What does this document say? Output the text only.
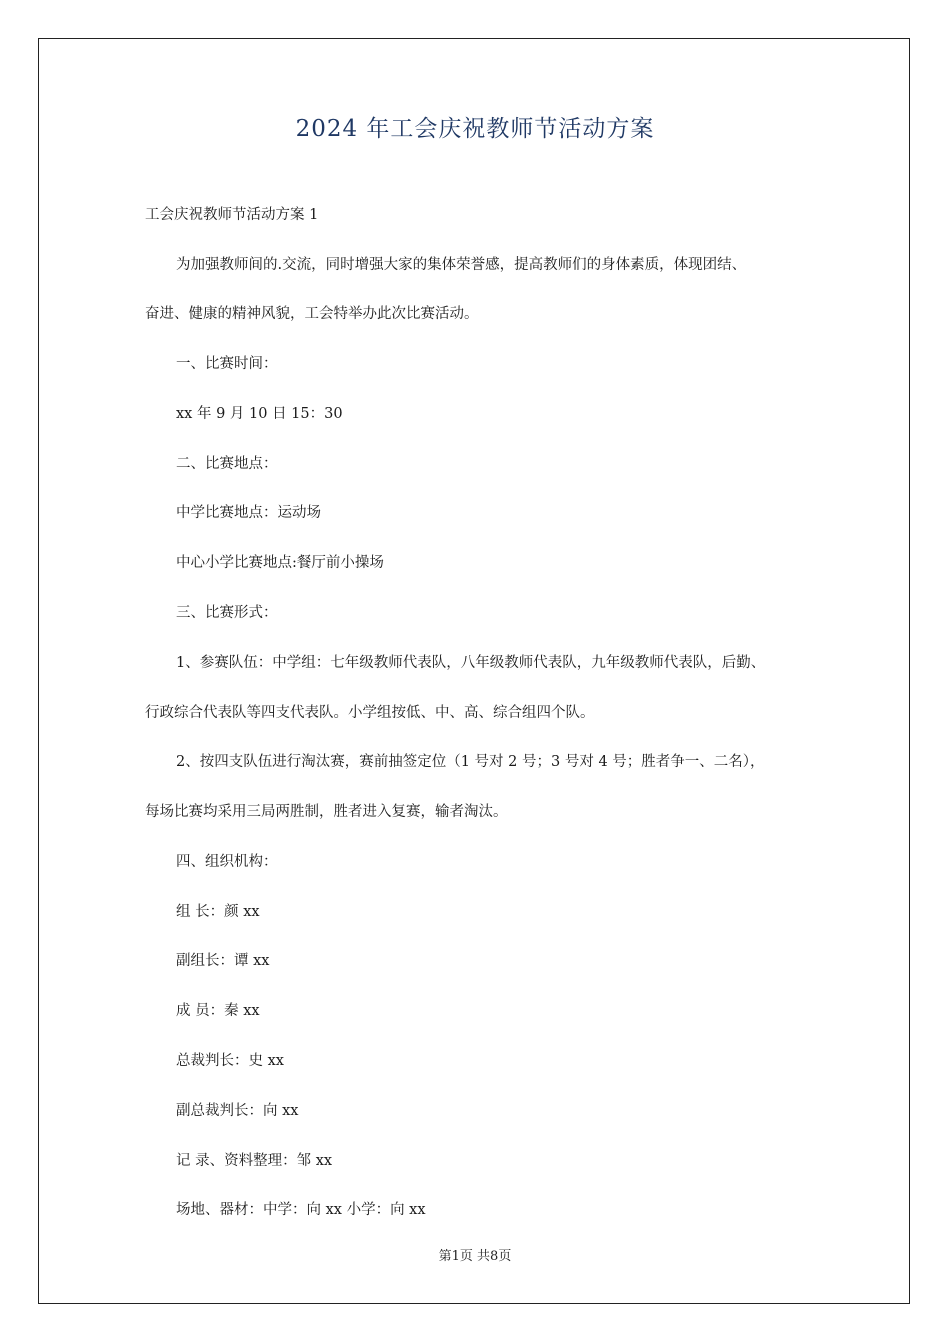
2024 年工会庆祝教师节活动方案
工会庆祝教师节活动方案 1
为加强教师间的.交流，同时增强大家的集体荣誉感，提高教师们的身体素质，体现团结、
奋进、健康的精神风貌，工会特举办此次比赛活动。
一、比赛时间：
xx 年 9 月 10 日 15：30
二、比赛地点：
中学比赛地点：运动场
中心小学比赛地点:餐厅前小操场
三、比赛形式：
1、参赛队伍：中学组：七年级教师代表队，八年级教师代表队，九年级教师代表队，后勤、
行政综合代表队等四支代表队。小学组按低、中、高、综合组四个队。
2、按四支队伍进行淘汰赛，赛前抽签定位（1 号对 2 号；3 号对 4 号；胜者争一、二名），
每场比赛均采用三局两胜制，胜者进入复赛，输者淘汰。
四、组织机构：
组 长：颜 xx
副组长：谭 xx
成 员：秦 xx
总裁判长：史 xx
副总裁判长：向 xx
记 录、资料整理：邹 xx
场地、器材：中学：向 xx 小学：向 xx
第1页 共8页
